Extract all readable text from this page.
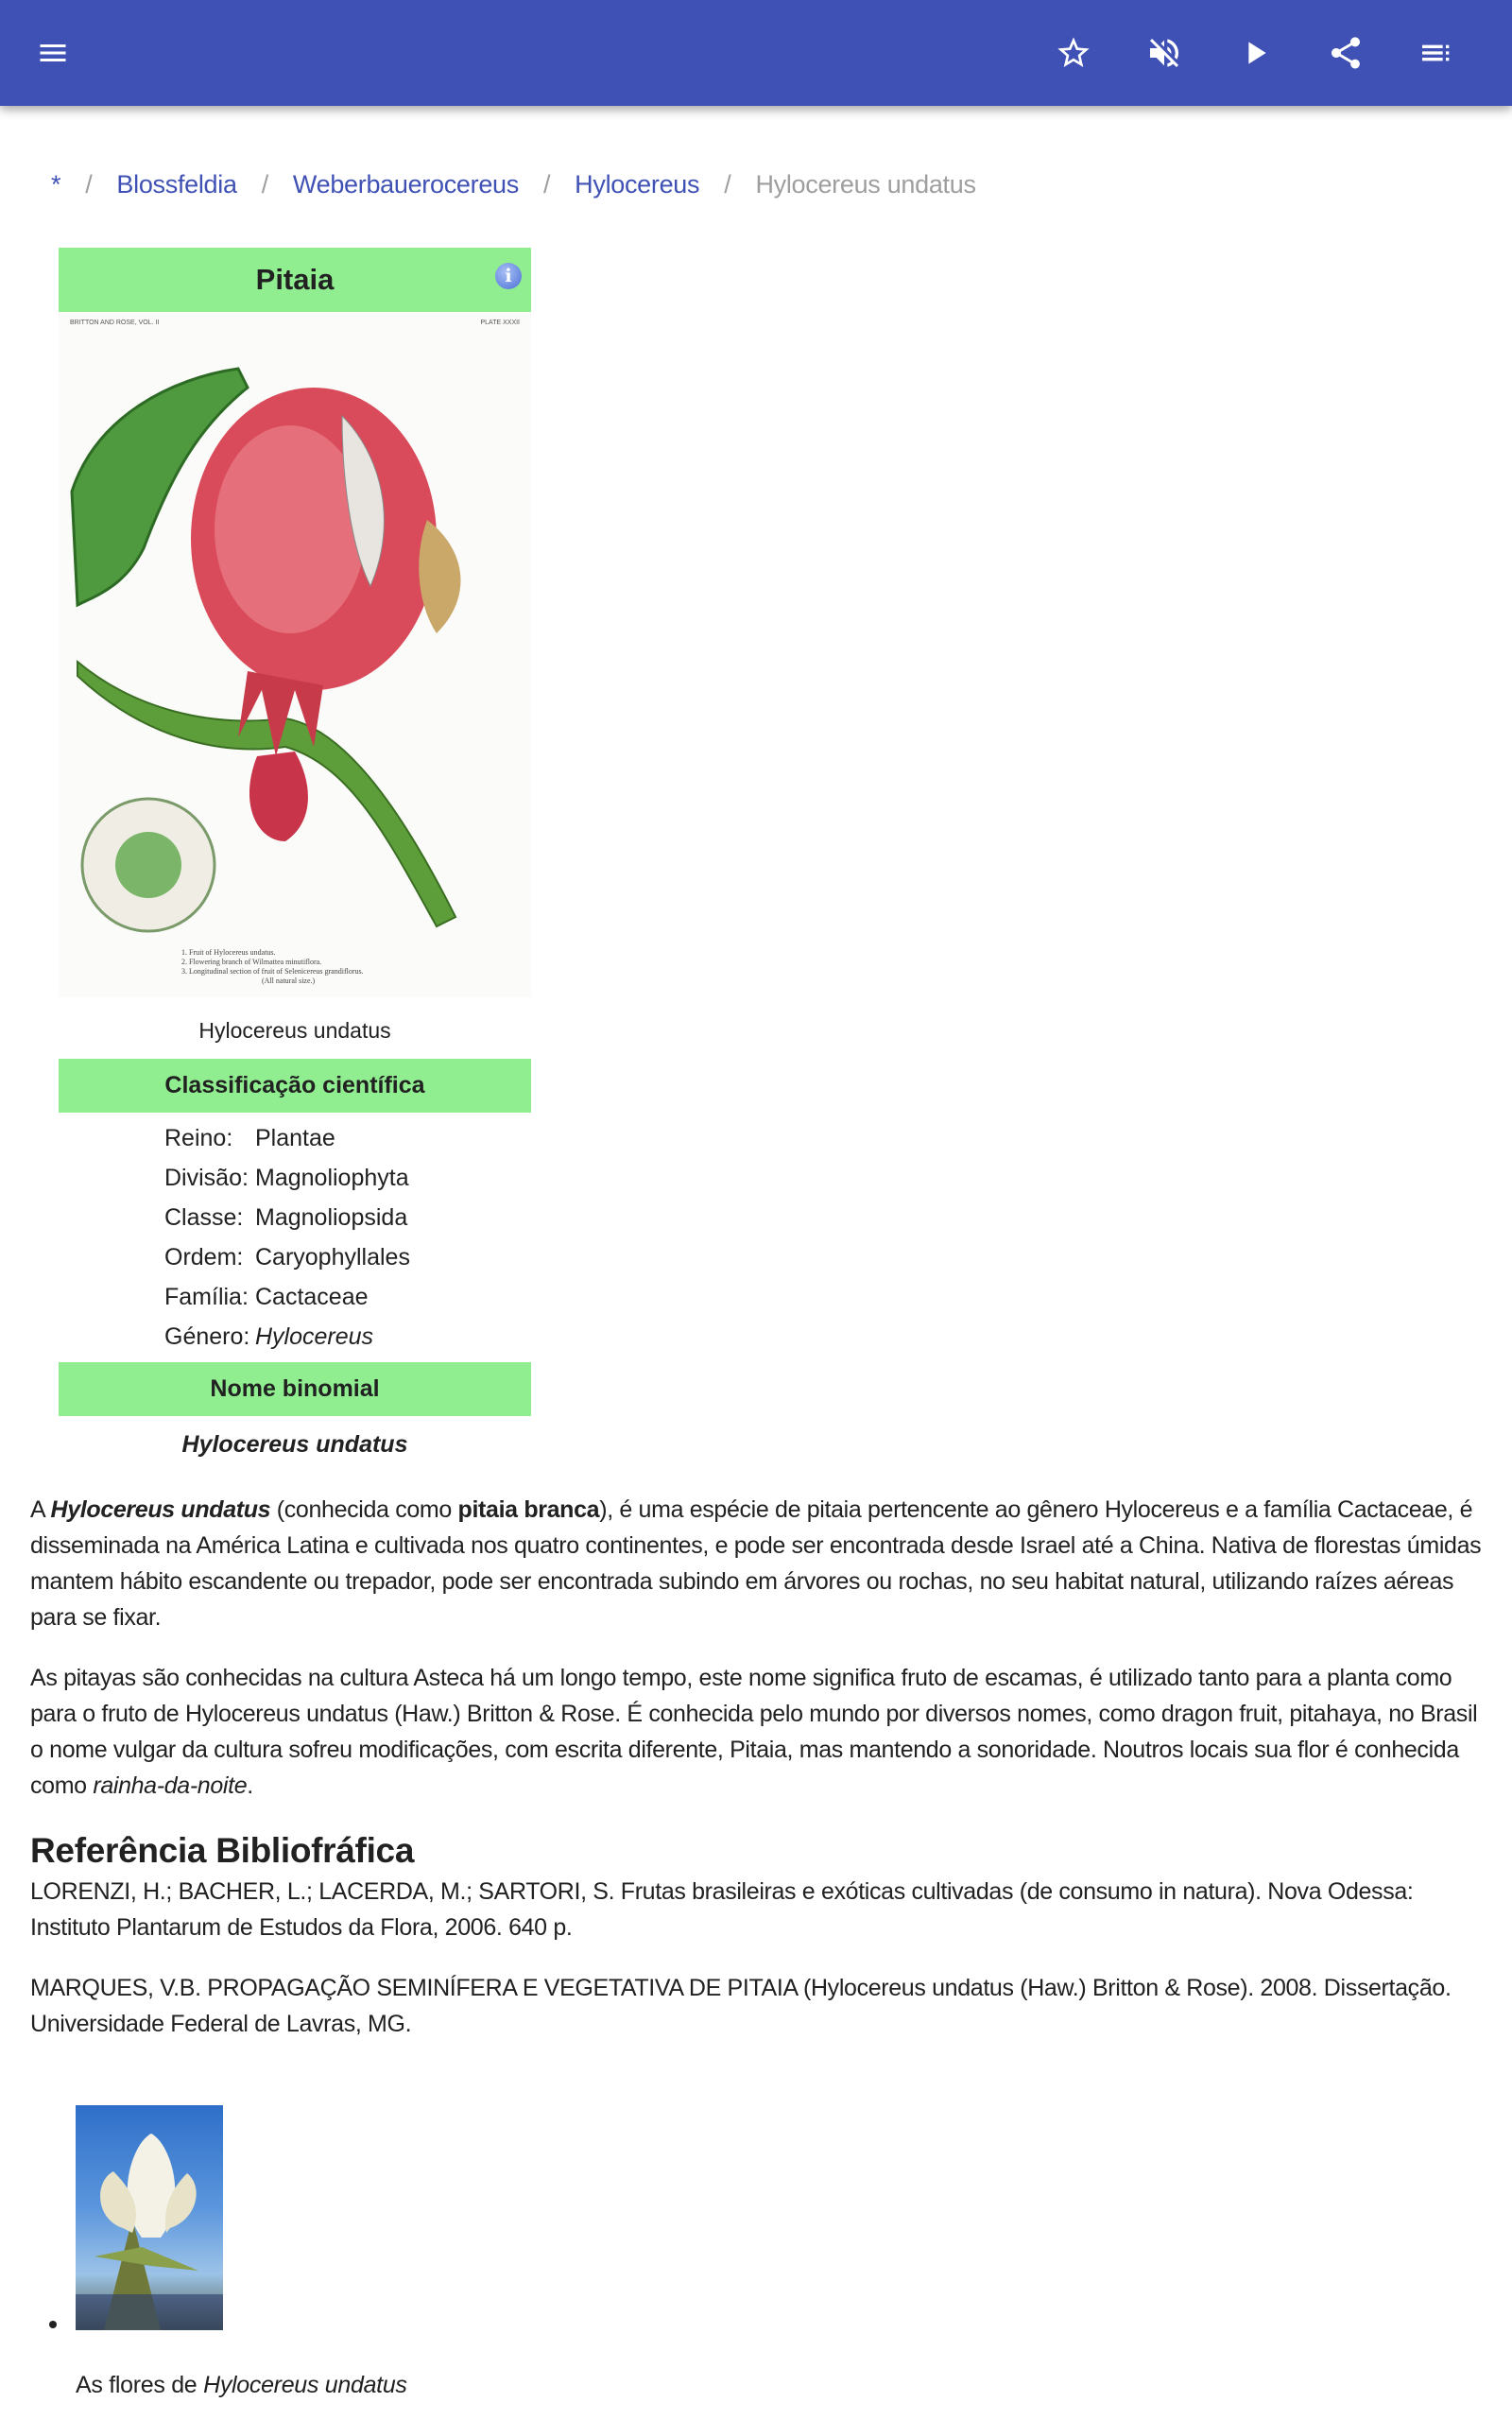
* / Blossfeldia / Weberbauerocereus / Hylocereus / Hylocereus undatus
Pitaia	i
BRITTON AND ROSE, VOL. II	PLATE XXXII
1. Fruit of Hylocereus undatus.
2. Flowering branch of Wilmattea minutiflora.
3. Longitudinal section of fruit of Selenicereus grandiflorus.
(All natural size.)
Hylocereus undatus
Classificação científica
Reino: Plantae
Divisão: Magnoliophyta
Classe: Magnoliopsida
Ordem: Caryophyllales
Família: Cactaceae
Género: Hylocereus
Nome binomial
Hylocereus undatus

A Hylocereus undatus (conhecida como pitaia branca), é uma espécie de pitaia pertencente ao gênero Hylocereus e a família Cactaceae, é disseminada na América Latina e cultivada nos quatro continentes, e pode ser encontrada desde Israel até a China. Nativa de florestas úmidas mantem hábito escandente ou trepador, pode ser encontrada subindo em árvores ou rochas, no seu habitat natural, utilizando raízes aéreas para se fixar.

As pitayas são conhecidas na cultura Asteca há um longo tempo, este nome significa fruto de escamas, é utilizado tanto para a planta como para o fruto de Hylocereus undatus (Haw.) Britton & Rose. É conhecida pelo mundo por diversos nomes, como dragon fruit, pitahaya, no Brasil o nome vulgar da cultura sofreu modificações, com escrita diferente, Pitaia, mas mantendo a sonoridade. Noutros locais sua flor é conhecida como rainha-da-noite.

Referência Bibliofráfica

LORENZI, H.; BACHER, L.; LACERDA, M.; SARTORI, S. Frutas brasileiras e exóticas cultivadas (de consumo in natura). Nova Odessa: Instituto Plantarum de Estudos da Flora, 2006. 640 p.

MARQUES, V.B. PROPAGAÇÃO SEMINÍFERA E VEGETATIVA DE PITAIA (Hylocereus undatus (Haw.) Britton & Rose). 2008. Dissertação. Universidade Federal de Lavras, MG.

As flores de Hylocereus undatus
